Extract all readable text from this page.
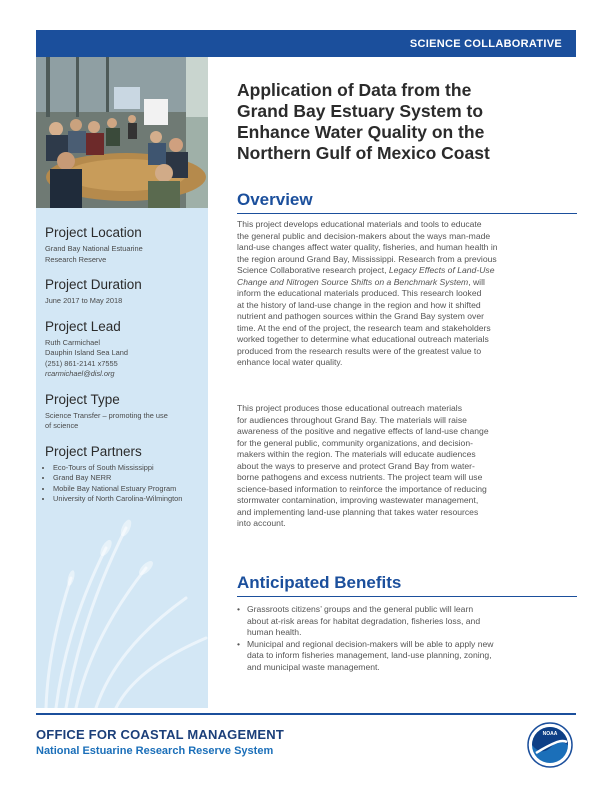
SCIENCE COLLABORATIVE
Project Location
Grand Bay National Estuarine
Research Reserve
Project Duration
June 2017 to May 2018
Project Lead
Ruth Carmichael
Dauphin Island Sea Land
(251) 861-2141 x7555
rcarmichael@disl.org
Project Type
Science Transfer – promoting the use
of science
Project Partners
• Eco-Tours of South Mississippi
• Grand Bay NERR
• Mobile Bay National Estuary Program
• University of North Carolina-Wilmington
Application of Data from the
Grand Bay Estuary System to
Enhance Water Quality on the
Northern Gulf of Mexico Coast
Overview
This project develops educational materials and tools to educate
the general public and decision-makers about the ways man-made
land-use changes affect water quality, fisheries, and human health in
the region around Grand Bay, Mississippi. Research from a previous
Science Collaborative research project, Legacy Effects of Land-Use
Change and Nitrogen Source Shifts on a Benchmark System, will
inform the educational materials produced. This research looked
at the history of land-use change in the region and how it shifted
nutrient and pathogen sources within the Grand Bay system over
time. At the end of the project, the research team and stakeholders
worked together to determine what educational outreach materials
produced from the research results were of the greatest value to
enhance local water quality.
This project produces those educational outreach materials
for audiences throughout Grand Bay. The materials will raise
awareness of the positive and negative effects of land-use change
for the general public, community organizations, and decision-
makers within the region. The materials will educate audiences
about the ways to preserve and protect Grand Bay from water-
borne pathogens and excess nutrients. The project team will use
science-based information to reinforce the importance of reducing
stormwater contamination, improving wastewater management,
and implementing land-use planning that takes water resources
into account.
Anticipated Benefits
• Grassroots citizens’ groups and the general public will learn
about at-risk areas for habitat degradation, fisheries loss, and
human health.
• Municipal and regional decision-makers will be able to apply new
data to inform fisheries management, land-use planning, zoning,
and municipal waste management.
OFFICE FOR COASTAL MANAGEMENT
National Estuarine Research Reserve System
NOAA
